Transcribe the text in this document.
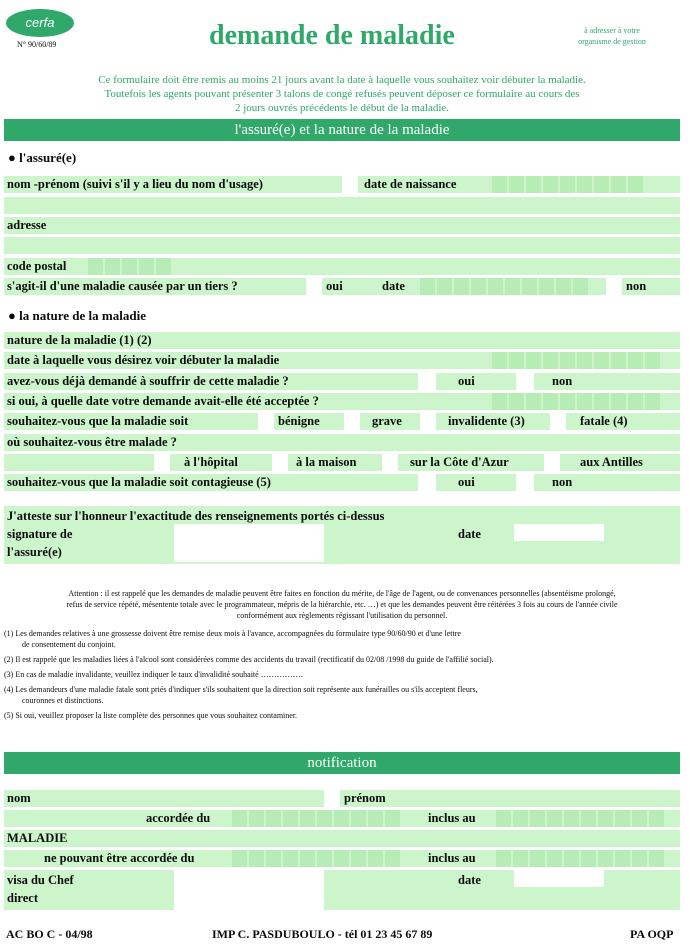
cerfa
N° 90/60/89	demande de maladie	à adresser à votre
organisme de gestion
Ce formulaire doit être remis au moins 21 jours avant la date à laquelle vous souhaitez voir débuter la maladie.
Toutefois les agents pouvant présenter 3 talons de congé refusés peuvent déposer ce formulaire au cours des
2 jours ouvrés précédents le début de la maladie.
l'assuré(e) et la nature de la maladie
● l'assuré(e)
nom -prénom (suivi s'il y a lieu du nom d'usage)	date de naissance
adresse
code postal
s'agit-il d'une maladie causée par un tiers ?	oui	date	non
● la nature de la maladie
nature de la maladie (1) (2)
date à laquelle vous désirez voir débuter la maladie
avez-vous déjà demandé à souffrir de cette maladie ?	oui	non
si oui, à quelle date votre demande avait-elle été acceptée ?
souhaitez-vous que la maladie soit	bénigne	grave	invalidente (3)	fatale (4)
où souhaitez-vous être malade ?
à l'hôpital	à la maison	sur la Côte d'Azur	aux Antilles
souhaitez-vous que la maladie soit contagieuse (5)	oui	non
J'atteste sur l'honneur l'exactitude des renseignements portés ci-dessus
signature de
l'assuré(e)
date
Attention : il est rappelé que les demandes de maladie peuvent être faites en fonction du mérite, de l'âge de l'agent, ou de convenances personnelles (absentéisme prolongé,
refus de service répété, mésentente totale avec le programmateur, mépris de la hiérarchie, etc. …) et que les demandes peuvent être réitérées 3 fois au cours de l'année civile
conformément aux règlements régissant l'utilisation du personnel.
(1) Les demandes relatives à une grossesse doivent être remise deux mois à l'avance, accompagnées du formulaire type 90/60/90 et d'une lettre
de consentement du conjoint.
(2) Il est rappelé que les maladies liées à l'alcool sont considérées comme des accidents du travail (rectificatif du 02/08 /1998 du guide de l'affilié social).
(3) En cas de maladie invalidante, veuillez indiquer le taux d'invalidité souhaité …………….
(4) Les demandeurs d'une maladie fatale sont priés d'indiquer s'ils souhaitent que la direction soit représente aux funérailles ou s'ils acceptent fleurs,
couronnes et distinctions.
(5) Si oui, veuillez proposer la liste complète des personnes que vous souhaitez contaminer.
notification
nom	prénom
accordée du	inclus au
MALADIE
ne pouvant être accordée du	inclus au
visa du Chef
direct
date
AC BO C - 04/98	IMP C. PASDUBOULO - tél 01 23 45 67 89	PA OQP
